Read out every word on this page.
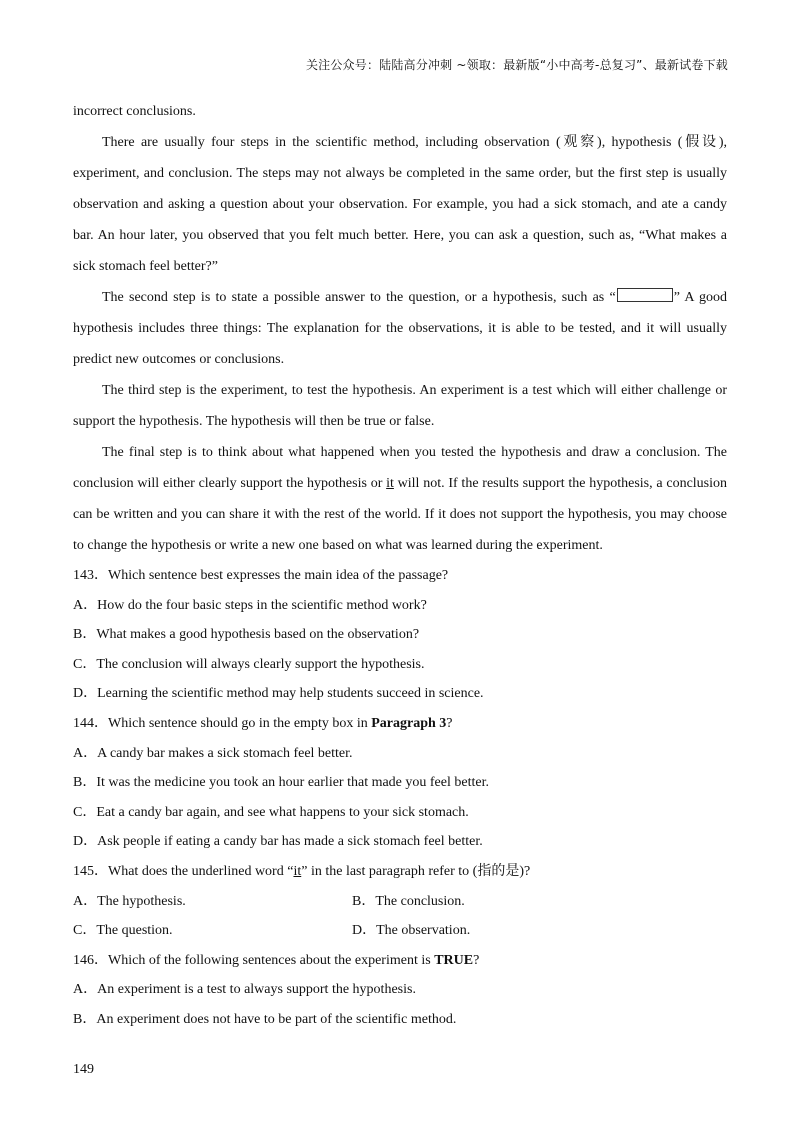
关注公众号：陆陆高分冲刺 ~领取：最新版“小中高考-总复习”、最新试卷下载

incorrect conclusions.

There are usually four steps in the scientific method, including observation (观察), hypothesis (假设), experiment, and conclusion. The steps may not always be completed in the same order, but the first step is usually observation and asking a question about your observation. For example, you had a sick stomach, and ate a candy bar. An hour later, you observed that you felt much better. Here, you can ask a question, such as, “What makes a sick stomach feel better?”

The second step is to state a possible answer to the question, or a hypothesis, such as “	” A good hypothesis includes three things: The explanation for the observations, it is able to be tested, and it will usually predict new outcomes or conclusions.

The third step is the experiment, to test the hypothesis. An experiment is a test which will either challenge or support the hypothesis. The hypothesis will then be true or false.

The final step is to think about what happened when you tested the hypothesis and draw a conclusion. The conclusion will either clearly support the hypothesis or it will not. If the results support the hypothesis, a conclusion can be written and you can share it with the rest of the world. If it does not support the hypothesis, you may choose to change the hypothesis or write a new one based on what was learned during the experiment.

143．Which sentence best expresses the main idea of the passage?
A．How do the four basic steps in the scientific method work?
B．What makes a good hypothesis based on the observation?
C．The conclusion will always clearly support the hypothesis.
D．Learning the scientific method may help students succeed in science.
144．Which sentence should go in the empty box in Paragraph 3?
A．A candy bar makes a sick stomach feel better.
B．It was the medicine you took an hour earlier that made you feel better.
C．Eat a candy bar again, and see what happens to your sick stomach.
D．Ask people if eating a candy bar has made a sick stomach feel better.
145．What does the underlined word “it” in the last paragraph refer to (指的是)?
A．The hypothesis.	B．The conclusion.
C．The question.	D．The observation.
146．Which of the following sentences about the experiment is TRUE?
A．An experiment is a test to always support the hypothesis.
B．An experiment does not have to be part of the scientific method.
149
